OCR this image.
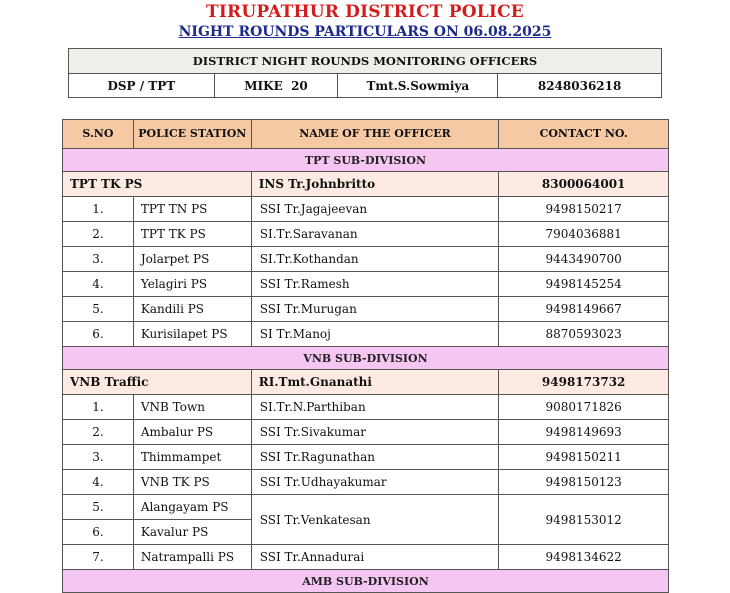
TIRUPATHUR DISTRICT POLICE
NIGHT ROUNDS PARTICULARS ON 06.08.2025
DISTRICT NIGHT ROUNDS MONITORING OFFICERS
DSP / TPT	MIKE  20	Tmt.S.Sowmiya	8248036218
S.NO	POLICE STATION	NAME OF THE OFFICER	CONTACT NO.
TPT SUB-DIVISION			
TPT TK PS		INS Tr.Johnbritto	8300064001
1.	TPT TN PS	SSI Tr.Jagajeevan	9498150217
2.	TPT TK PS	SI.Tr.Saravanan	7904036881
3.	Jolarpet PS	SI.Tr.Kothandan	9443490700
4.	Yelagiri PS	SSI Tr.Ramesh	9498145254
5.	Kandili PS	SSI Tr.Murugan	9498149667
6.	Kurisilapet PS	SI Tr.Manoj	8870593023
VNB SUB-DIVISION			
VNB Traffic		RI.Tmt.Gnanathi	9498173732
1.	VNB Town	SI.Tr.N.Parthiban	9080171826
2.	Ambalur PS	SSI Tr.Sivakumar	9498149693
3.	Thimmampet	SSI Tr.Ragunathan	9498150211
4.	VNB TK PS	SSI Tr.Udhayakumar	9498150123
5.	Alangayam PS	SSI Tr.Venkatesan	9498153012
6.	Kavalur PS		
7.	Natrampalli PS	SSI Tr.Annadurai	9498134622
AMB SUB-DIVISION			
